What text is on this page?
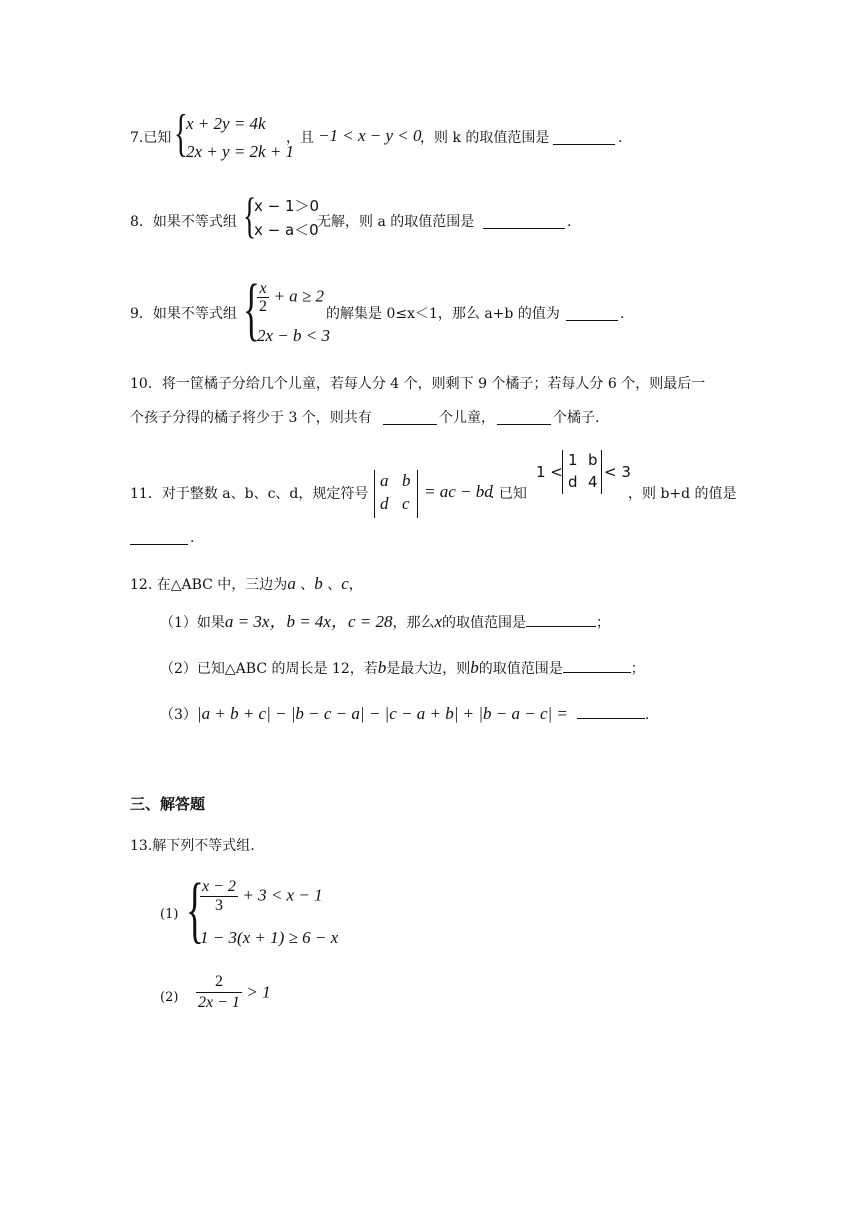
7.已知 {
x + 2y = 4k
2x + y = 2k + 1
，且 −1 < x − y < 0
，则 k 的取值范围是	.
8．如果不等式组 {
x − 1＞0
x − a＜0
无解，则 a 的取值范围是	.
9．如果不等式组 {
$\frac{x}{2} + a \ge 2$
2x − b < 3
的解集是 0≤x＜1，那么 a+b 的值为	.
10．将一筐橘子分给几个儿童，若每人分 4 个，则剩下 9 个橘子；若每人分 6 个，则最后一
个孩子分得的橘子将少于 3 个，则共有	个儿童，	个橘子.
11．对于整数 a、b、c、d，规定符号
a b
d c
= ac − bd
. 已知
1 <
1 b
d 4
< 3
，则 b+d 的值是
.
12. 在△ABC 中，三边为a 、b 、c，
（1）如果a = 3x，b = 4x，c = 28，那么x的取值范围是	；
（2）已知△ABC 的周长是 12，若b是最大边，则b的取值范围是	；
（3）|a + b + c| − |b − c − a| − |c − a + b| + |b − a − c| =	.
三、解答题
13.解下列不等式组.
(1) {
$\frac{x - 2}{3} + 3 < x - 1$
1 − 3(x + 1) ≥ 6 − x
$(2) \frac{2}{2x - 1} > 1$
